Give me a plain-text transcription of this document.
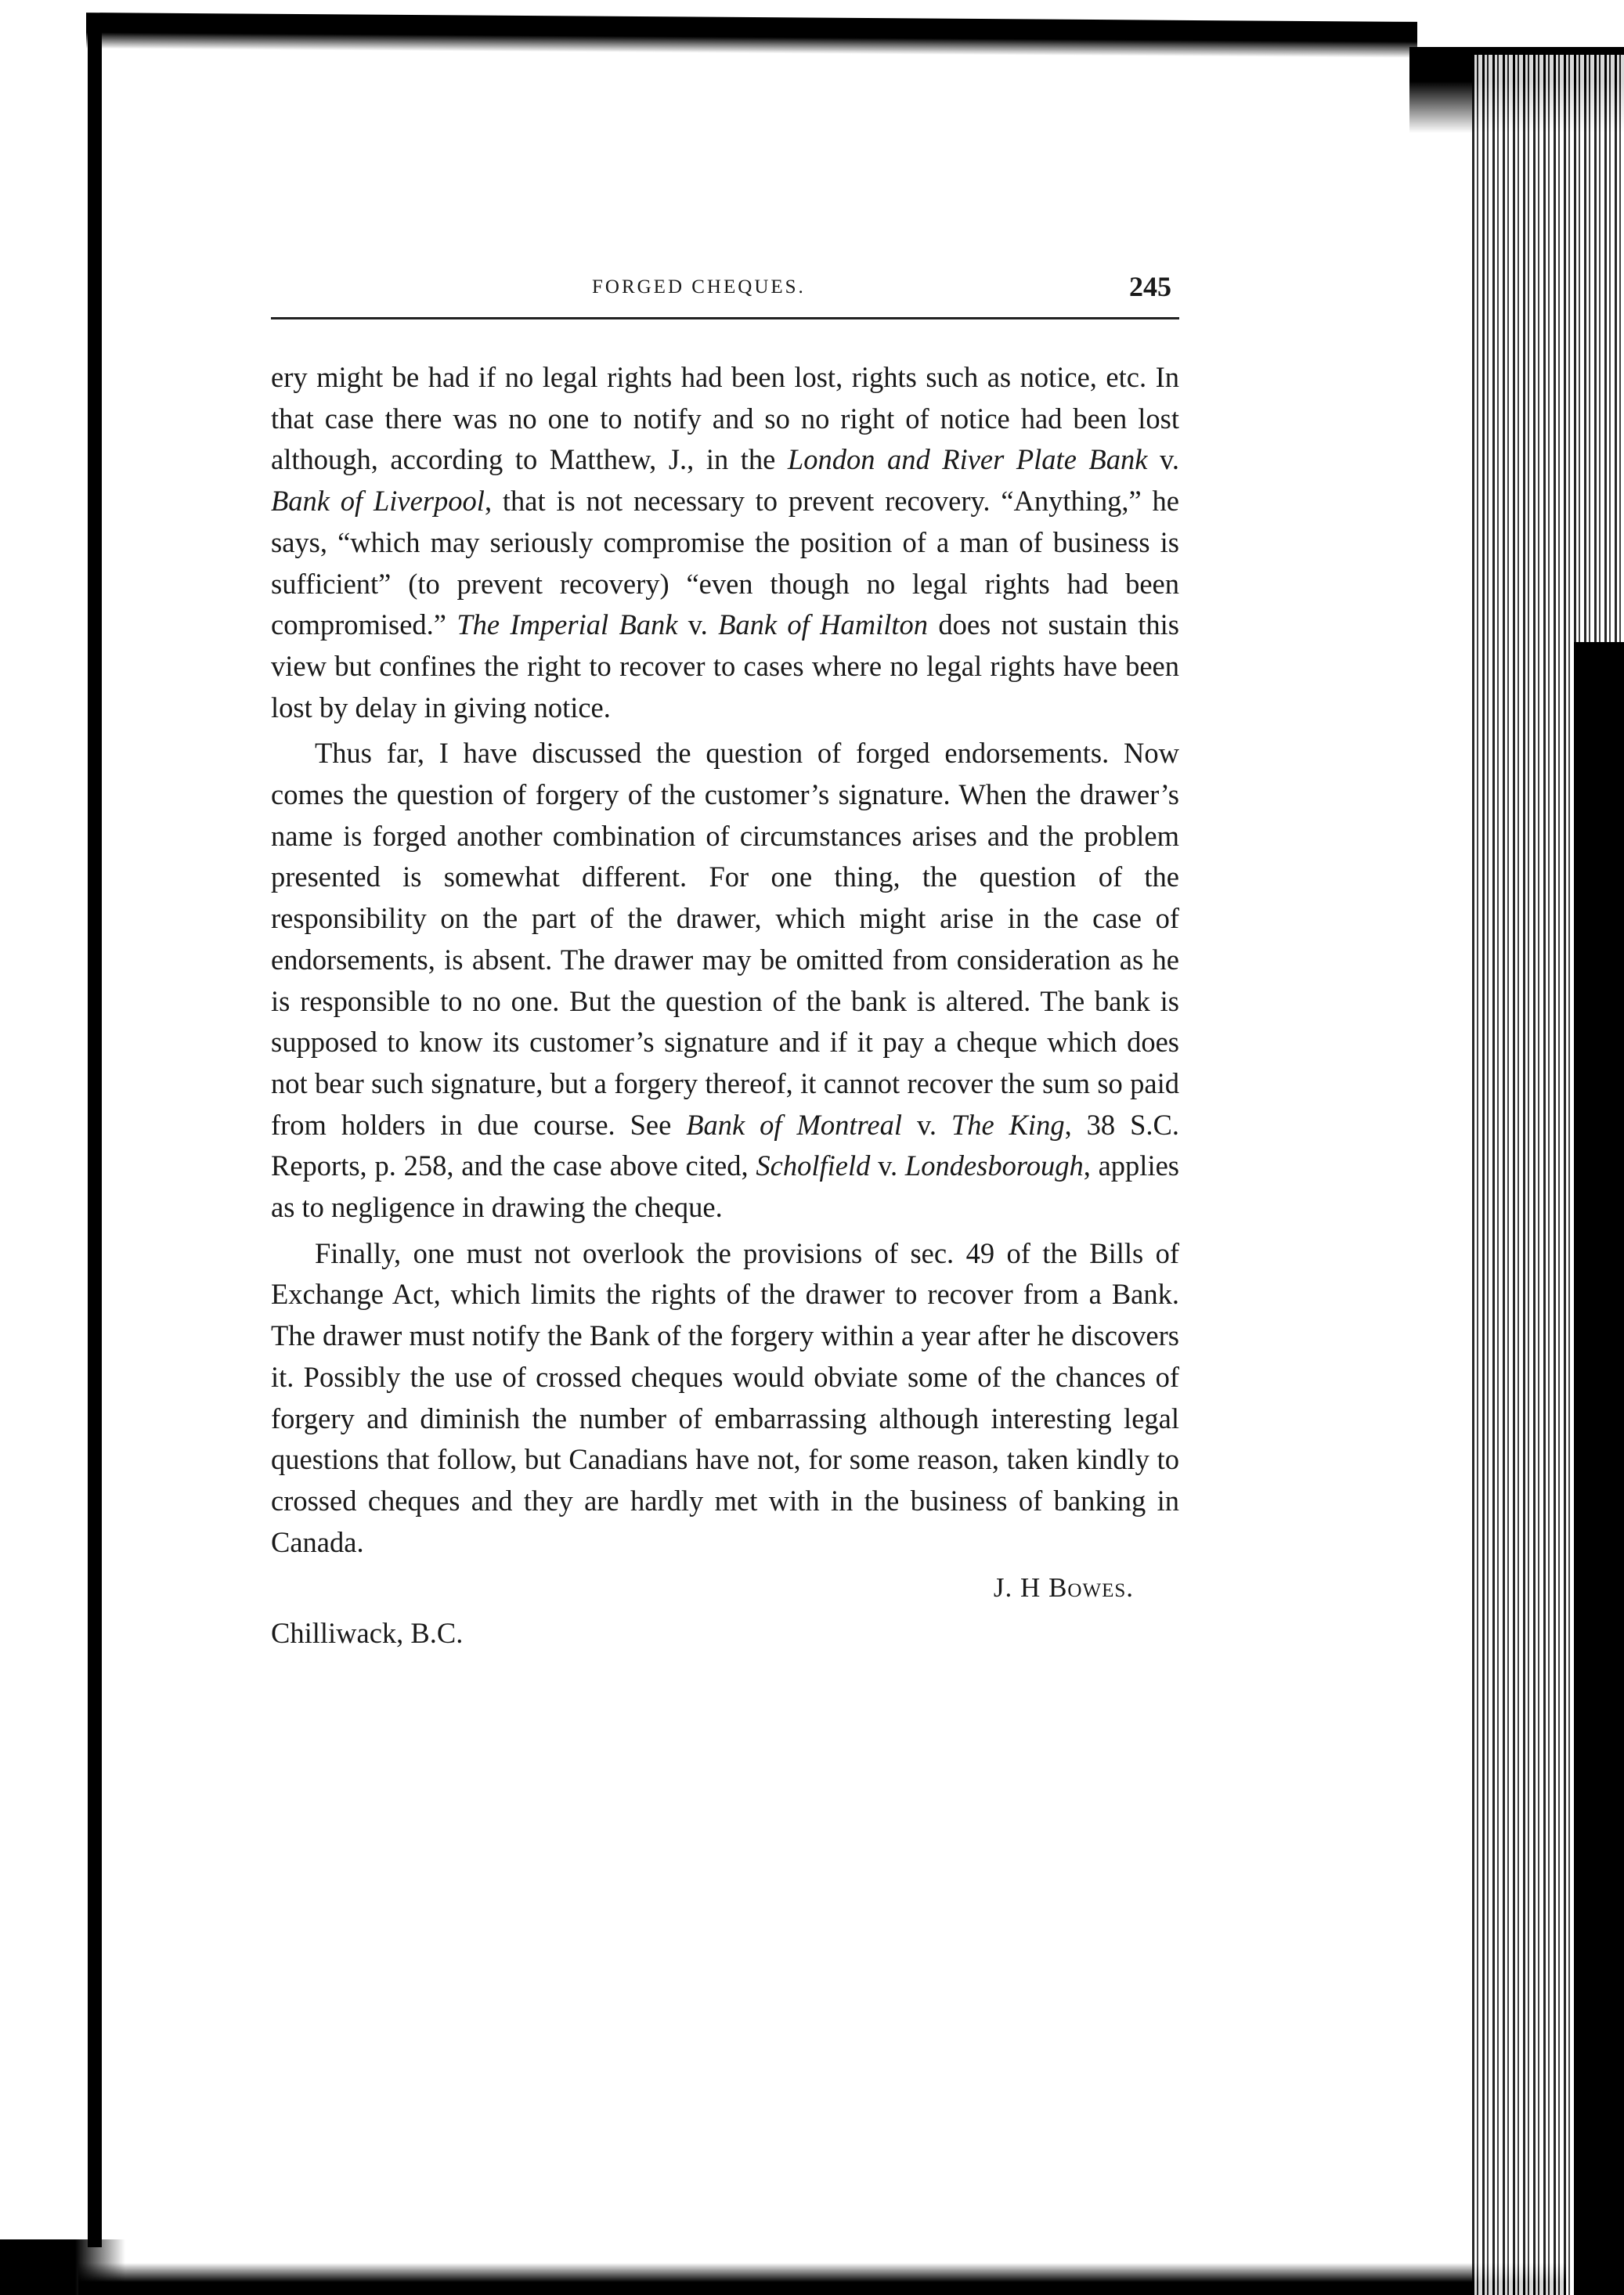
FORGED CHEQUES.	245

ery might be had if no legal rights had been lost, rights such as notice, etc. In that case there was no one to notify and so no right of notice had been lost although, according to Matthew, J., in the London and River Plate Bank v. Bank of Liverpool, that is not necessary to prevent recovery. “Anything,” he says, “which may seriously compromise the position of a man of business is sufficient” (to prevent recovery) “even though no legal rights had been compromised.” The Imperial Bank v. Bank of Hamilton does not sustain this view but confines the right to recover to cases where no legal rights have been lost by delay in giving notice.

Thus far, I have discussed the question of forged endorsements. Now comes the question of forgery of the customer’s signature. When the drawer’s name is forged another combination of circumstances arises and the problem presented is somewhat different. For one thing, the question of the responsibility on the part of the drawer, which might arise in the case of endorsements, is absent. The drawer may be omitted from consideration as he is responsible to no one. But the question of the bank is altered. The bank is supposed to know its customer’s signature and if it pay a cheque which does not bear such signature, but a forgery thereof, it cannot recover the sum so paid from holders in due course. See Bank of Montreal v. The King, 38 S.C. Reports, p. 258, and the case above cited, Scholfield v. Londesborough, applies as to negligence in drawing the cheque.

Finally, one must not overlook the provisions of sec. 49 of the Bills of Exchange Act, which limits the rights of the drawer to recover from a Bank. The drawer must notify the Bank of the forgery within a year after he discovers it. Possibly the use of crossed cheques would obviate some of the chances of forgery and diminish the number of embarrassing although interesting legal questions that follow, but Canadians have not, for some reason, taken kindly to crossed cheques and they are hardly met with in the business of banking in Canada.

J. H Bowes.
Chilliwack, B.C.
